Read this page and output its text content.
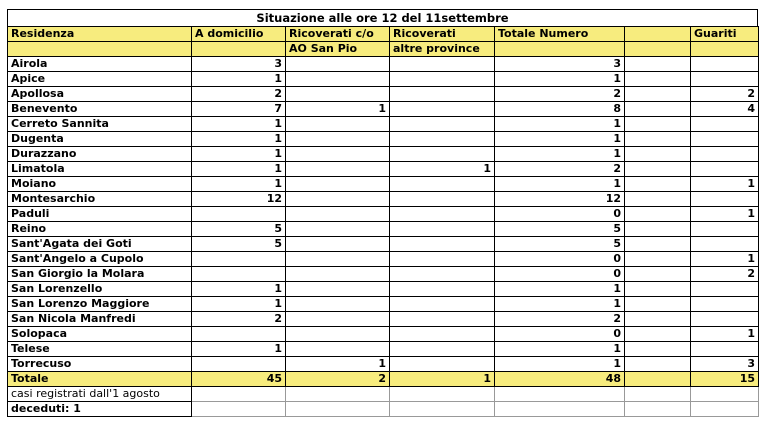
Situazione alle ore 12 del 11settembre
Residenza	A domicilio	Ricoverati c/o	Ricoverati	Totale Numero		Guariti
		AO San Pio	altre province			
Airola	3			3		
Apice	1			1		
Apollosa	2			2		2
Benevento	7	1		8		4
Cerreto Sannita	1			1		
Dugenta	1			1		
Durazzano	1			1		
Limatola	1		1	2		
Moiano	1			1		1
Montesarchio	12			12		
Paduli				0		1
Reino	5			5		
Sant'Agata dei Goti	5			5		
Sant'Angelo a Cupolo				0		1
San Giorgio la Molara				0		2
San Lorenzello	1			1		
San Lorenzo Maggiore	1			1		
San Nicola Manfredi	2			2		
Solopaca				0		1
Telese	1			1		
Torrecuso		1		1		3
Totale	45	2	1	48		15
casi registrati dall'1 agosto						
deceduti: 1						
